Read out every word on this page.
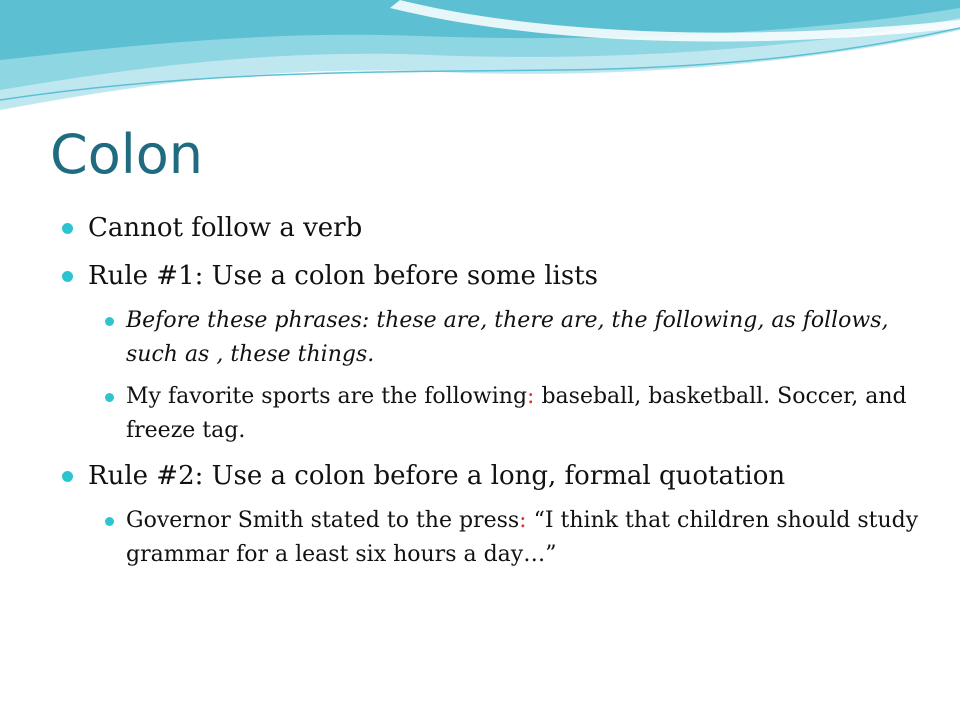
Colon
Cannot follow a verb
Rule #1: Use a colon before some lists
Before these phrases: these are, there are, the following, as follows, such as , these things.
My favorite sports are the following: baseball, basketball. Soccer, and freeze tag.
Rule #2: Use a colon before a long, formal quotation
Governor Smith stated to the press: “I think that children should study grammar for a least six hours a day…”
